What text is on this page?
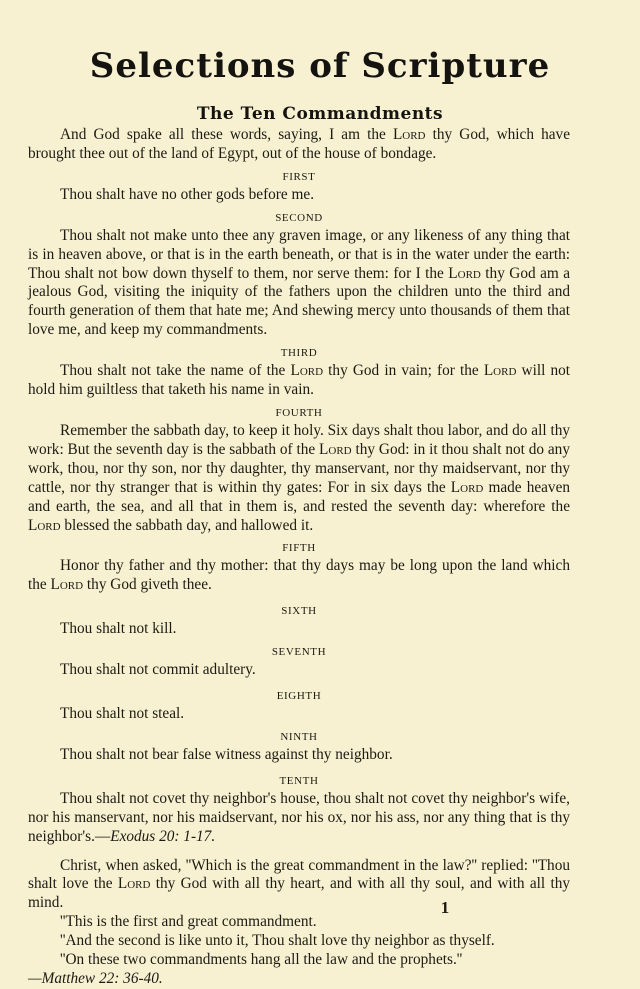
Selections of Scripture
The Ten Commandments

And God spake all these words, saying, I am the Lord thy God, which have brought thee out of the land of Egypt, out of the house of bondage.

FIRST

Thou shalt have no other gods before me.

SECOND

Thou shalt not make unto thee any graven image, or any likeness of any thing that is in heaven above, or that is in the earth beneath, or that is in the water under the earth: Thou shalt not bow down thyself to them, nor serve them: for I the Lord thy God am a jealous God, visiting the iniquity of the fathers upon the children unto the third and fourth generation of them that hate me; And shewing mercy unto thousands of them that love me, and keep my commandments.

THIRD

Thou shalt not take the name of the Lord thy God in vain; for the Lord will not hold him guiltless that taketh his name in vain.

FOURTH

Remember the sabbath day, to keep it holy. Six days shalt thou labor, and do all thy work: But the seventh day is the sabbath of the Lord thy God: in it thou shalt not do any work, thou, nor thy son, nor thy daughter, thy manservant, nor thy maidservant, nor thy cattle, nor thy stranger that is within thy gates: For in six days the Lord made heaven and earth, the sea, and all that in them is, and rested the seventh day: wherefore the Lord blessed the sabbath day, and hallowed it.

FIFTH

Honor thy father and thy mother: that thy days may be long upon the land which the Lord thy God giveth thee.

SIXTH

Thou shalt not kill.

SEVENTH

Thou shalt not commit adultery.

EIGHTH

Thou shalt not steal.

NINTH

Thou shalt not bear false witness against thy neighbor.

TENTH

Thou shalt not covet thy neighbor's house, thou shalt not covet thy neighbor's wife, nor his manservant, nor his maidservant, nor his ox, nor his ass, nor any thing that is thy neighbor's.—Exodus 20: 1-17.

Christ, when asked, ''Which is the great commandment in the law?'' replied: ''Thou shalt love the Lord thy God with all thy heart, and with all thy soul, and with all thy mind.

''This is the first and great commandment.

''And the second is like unto it, Thou shalt love thy neighbor as thyself.

''On these two commandments hang all the law and the prophets.''

—Matthew 22: 36-40.
1
